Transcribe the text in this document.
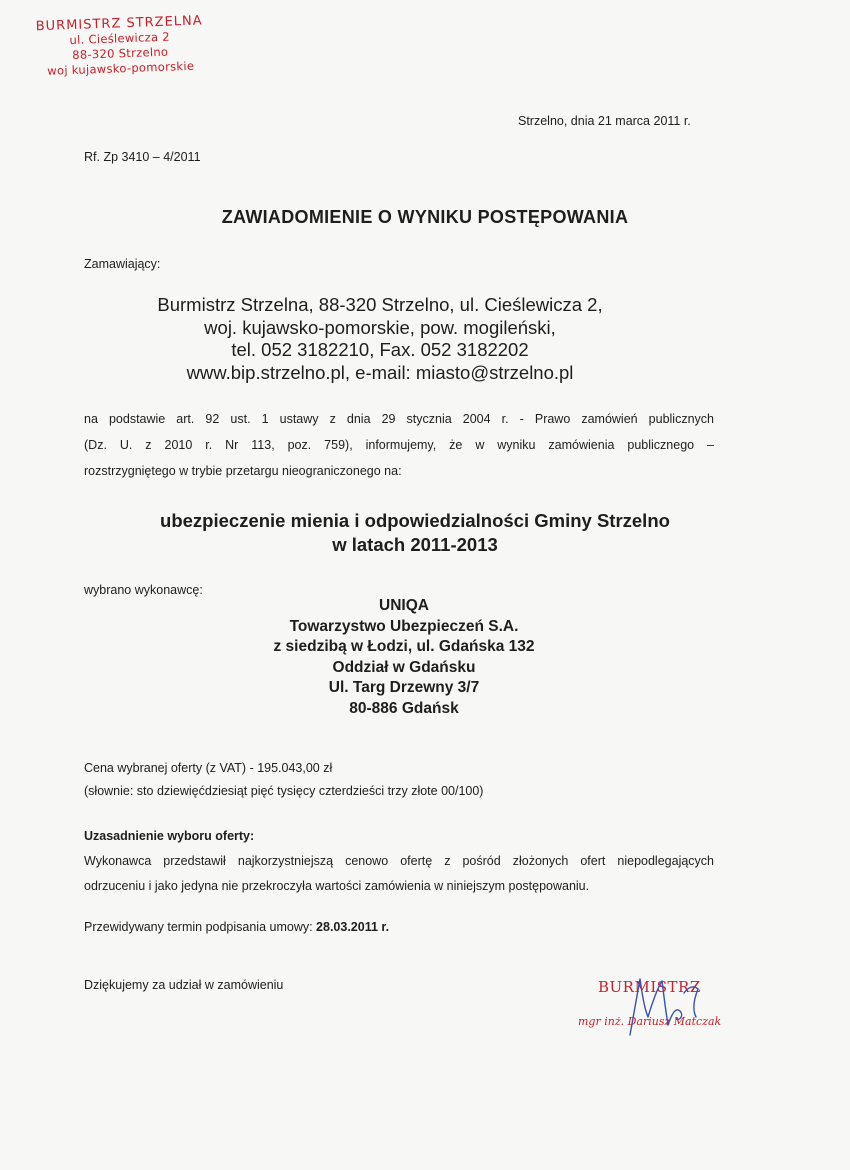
BURMISTRZ STRZELNA
ul. Cieślewicza 2
88-320 Strzelno
woj kujawsko-pomorskie
Strzelno, dnia 21 marca 2011 r.
Rf. Zp 3410 – 4/2011
ZAWIADOMIENIE O WYNIKU POSTĘPOWANIA
Zamawiający:
Burmistrz Strzelna, 88-320 Strzelno, ul. Cieślewicza 2,
woj. kujawsko-pomorskie, pow. mogileński,
tel. 052 3182210, Fax. 052 3182202
www.bip.strzelno.pl, e-mail: miasto@strzelno.pl
na podstawie art. 92 ust. 1 ustawy z dnia 29 stycznia 2004 r. - Prawo zamówień publicznych
(Dz. U. z 2010 r. Nr 113, poz. 759), informujemy, że w wyniku zamówienia publicznego –
rozstrzygniętego w trybie przetargu nieograniczonego na:
ubezpieczenie mienia i odpowiedzialności Gminy Strzelno
w latach 2011-2013
wybrano wykonawcę:
UNIQA
Towarzystwo Ubezpieczeń S.A.
z siedzibą w Łodzi, ul. Gdańska 132
Oddział w Gdańsku
Ul. Targ Drzewny 3/7
80-886 Gdańsk
Cena wybranej oferty (z VAT) - 195.043,00 zł
(słownie: sto dziewięćdziesiąt pięć tysięcy czterdzieści trzy złote 00/100)
Uzasadnienie wyboru oferty:
Wykonawca przedstawił najkorzystniejszą cenowo ofertę z pośród złożonych ofert niepodlegających
odrzuceniu i jako jedyna nie przekroczyła wartości zamówienia w niniejszym postępowaniu.
Przewidywany termin podpisania umowy: 28.03.2011 r.
Dziękujemy za udział w zamówieniu	BURMISTRZ
mgr inż. Dariusz Matczak
